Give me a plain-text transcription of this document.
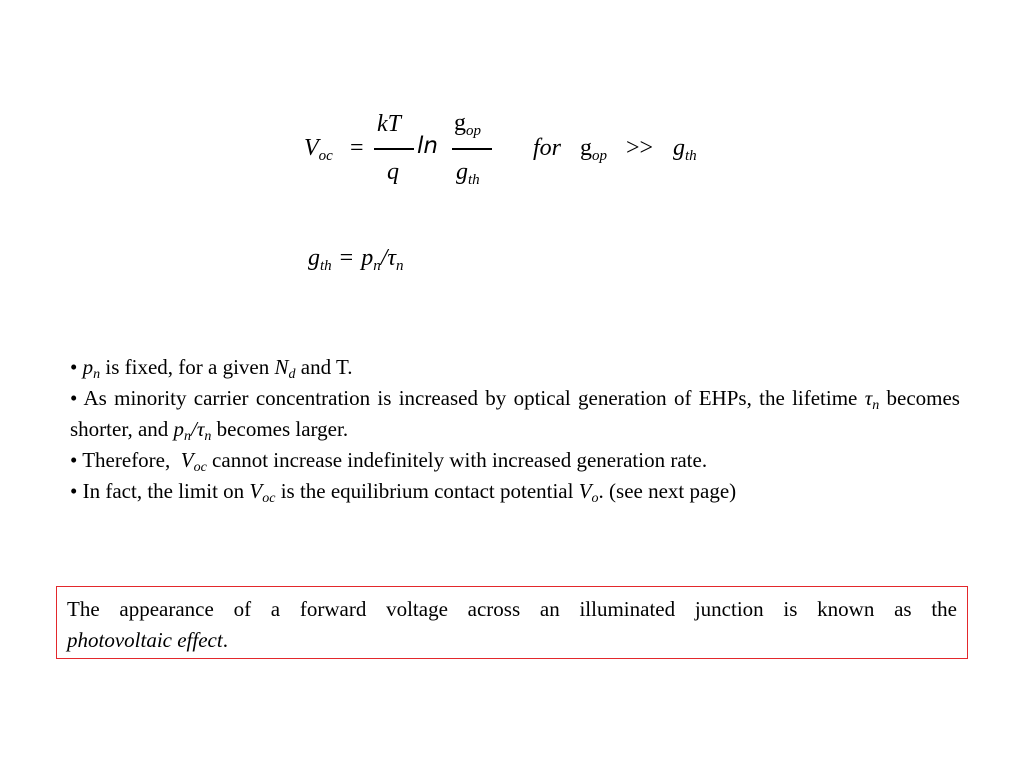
$V_{oc}$ =
kT
q
ln
$g_{op}$
$g_{th}$
for $g_{op} >> g_{th}$
$g_{th} = p_n/\tau_n$

• $p_n$ is fixed, for a given $N_d$ and T.

• As minority carrier concentration is increased by optical generation of EHPs, the lifetime $\tau_n$ becomes shorter, and $p_n/\tau_n$ becomes larger.

• Therefore,  $V_{oc}$ cannot increase indefinitely with increased generation rate.

• In fact, the limit on $V_{oc}$ is the equilibrium contact potential $V_o$. (see next page)

The appearance of a forward voltage across an illuminated junction is known as the
photovoltaic effect.
